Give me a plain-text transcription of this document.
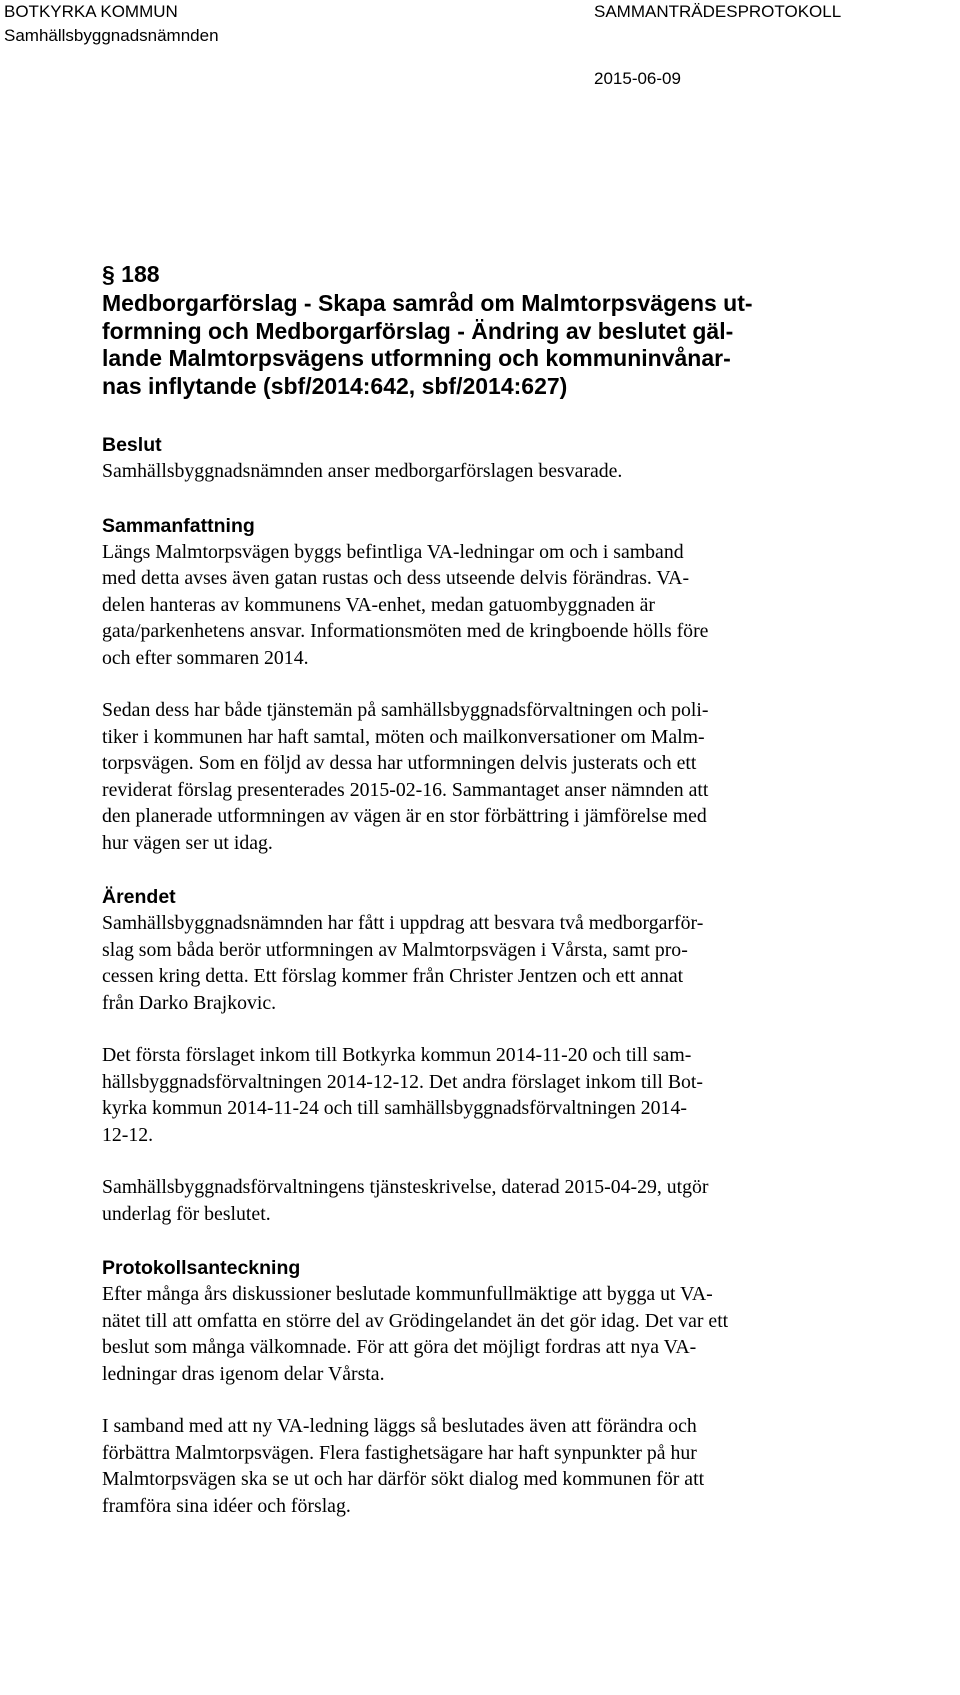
BOTKYRKA KOMMUN
Samhällsbyggnadsnämnden
SAMMANTRÄDESPROTOKOLL
2015-06-09
§ 188
Medborgarförslag - Skapa samråd om Malmtorpsvägens ut-
formning och Medborgarförslag - Ändring av beslutet gäl-
lande Malmtorpsvägens utformning och kommuninvånar-
nas inflytande (sbf/2014:642, sbf/2014:627)
Beslut

Samhällsbyggnadsnämnden anser medborgarförslagen besvarade.

Sammanfattning

Längs Malmtorpsvägen byggs befintliga VA-ledningar om och i samband
med detta avses även gatan rustas och dess utseende delvis förändras. VA-
delen hanteras av kommunens VA-enhet, medan gatuombyggnaden är
gata/parkenhetens ansvar. Informationsmöten med de kringboende hölls före
och efter sommaren 2014.

Sedan dess har både tjänstemän på samhällsbyggnadsförvaltningen och poli-
tiker i kommunen har haft samtal, möten och mailkonversationer om Malm-
torpsvägen. Som en följd av dessa har utformningen delvis justerats och ett
reviderat förslag presenterades 2015-02-16. Sammantaget anser nämnden att
den planerade utformningen av vägen är en stor förbättring i jämförelse med
hur vägen ser ut idag.

Ärendet

Samhällsbyggnadsnämnden har fått i uppdrag att besvara två medborgarför-
slag som båda berör utformningen av Malmtorpsvägen i Vårsta, samt pro-
cessen kring detta. Ett förslag kommer från Christer Jentzen och ett annat
från Darko Brajkovic.

Det första förslaget inkom till Botkyrka kommun 2014-11-20 och till sam-
hällsbyggnadsförvaltningen 2014-12-12. Det andra förslaget inkom till Bot-
kyrka kommun 2014-11-24 och till samhällsbyggnadsförvaltningen 2014-
12-12.

Samhällsbyggnadsförvaltningens tjänsteskrivelse, daterad 2015-04-29, utgör
underlag för beslutet.

Protokollsanteckning

Efter många års diskussioner beslutade kommunfullmäktige att bygga ut VA-
nätet till att omfatta en större del av Grödingelandet än det gör idag. Det var ett
beslut som många välkomnade. För att göra det möjligt fordras att nya VA-
ledningar dras igenom delar Vårsta.

I samband med att ny VA-ledning läggs så beslutades även att förändra och
förbättra Malmtorpsvägen. Flera fastighetsägare har haft synpunkter på hur
Malmtorpsvägen ska se ut och har därför sökt dialog med kommunen för att
framföra sina idéer och förslag.
